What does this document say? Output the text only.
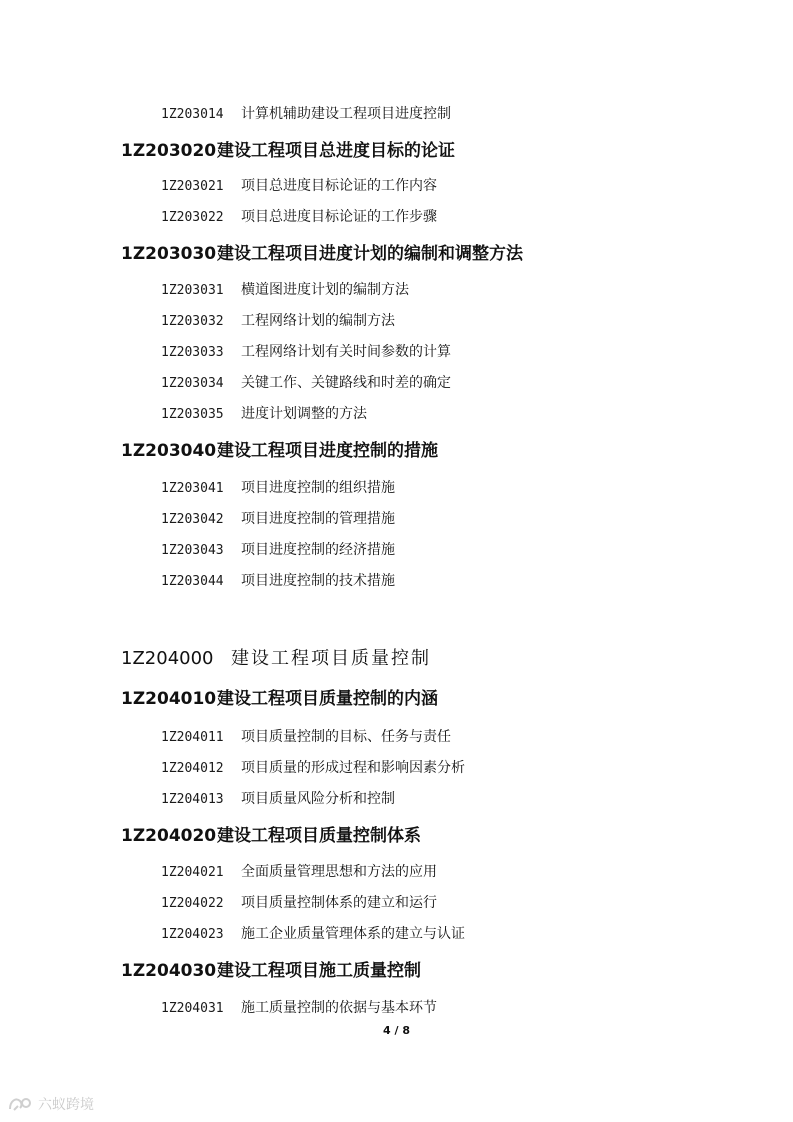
1Z203014	计算机辅助建设工程项目进度控制
1Z203020 建设工程项目总进度目标的论证
1Z203021	项目总进度目标论证的工作内容
1Z203022	项目总进度目标论证的工作步骤
1Z203030 建设工程项目进度计划的编制和调整方法
1Z203031	横道图进度计划的编制方法
1Z203032	工程网络计划的编制方法
1Z203033	工程网络计划有关时间参数的计算
1Z203034	关键工作、关键路线和时差的确定
1Z203035	进度计划调整的方法
1Z203040 建设工程项目进度控制的措施
1Z203041	项目进度控制的组织措施
1Z203042	项目进度控制的管理措施
1Z203043	项目进度控制的经济措施
1Z203044	项目进度控制的技术措施
1Z204000 建设工程项目质量控制
1Z204010 建设工程项目质量控制的内涵
1Z204011	项目质量控制的目标、任务与责任
1Z204012	项目质量的形成过程和影响因素分析
1Z204013	项目质量风险分析和控制
1Z204020 建设工程项目质量控制体系
1Z204021	全面质量管理思想和方法的应用
1Z204022	项目质量控制体系的建立和运行
1Z204023	施工企业质量管理体系的建立与认证
1Z204030 建设工程项目施工质量控制
1Z204031	施工质量控制的依据与基本环节
4 / 8
六蚁跨境
